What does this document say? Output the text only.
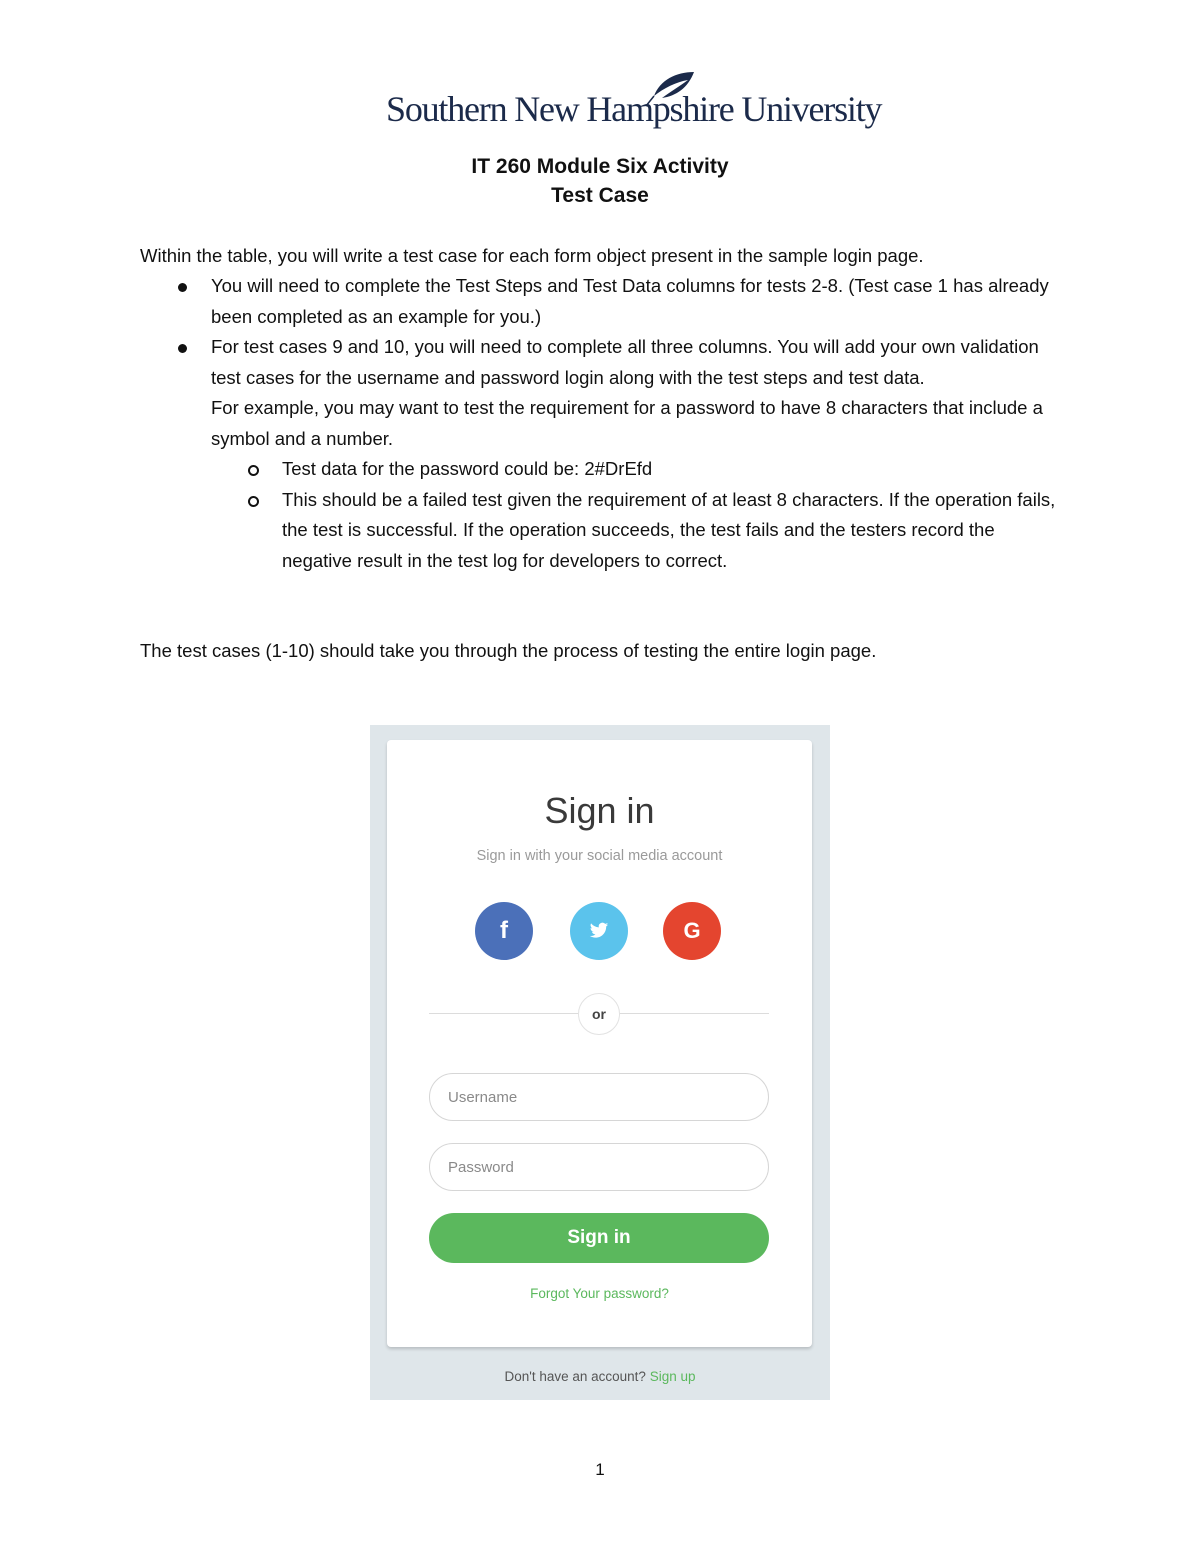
Southern New Hampshire University
IT 260 Module Six Activity
Test Case
Within the table, you will write a test case for each form object present in the sample login page.
You will need to complete the Test Steps and Test Data columns for tests 2-8. (Test case 1 has already been completed as an example for you.)
For test cases 9 and 10, you will need to complete all three columns. You will add your own validation test cases for the username and password login along with the test steps and test data.
For example, you may want to test the requirement for a password to have 8 characters that include a symbol and a number.
Test data for the password could be: 2#DrEfd
This should be a failed test given the requirement of at least 8 characters. If the operation fails, the test is successful. If the operation succeeds, the test fails and the testers record the negative result in the test log for developers to correct.
The test cases (1-10) should take you through the process of testing the entire login page.
Sign in
Sign in with your social media account
f	G
or
Username
Sign in
Forgot Your password?
Don't have an account? Sign up
1
